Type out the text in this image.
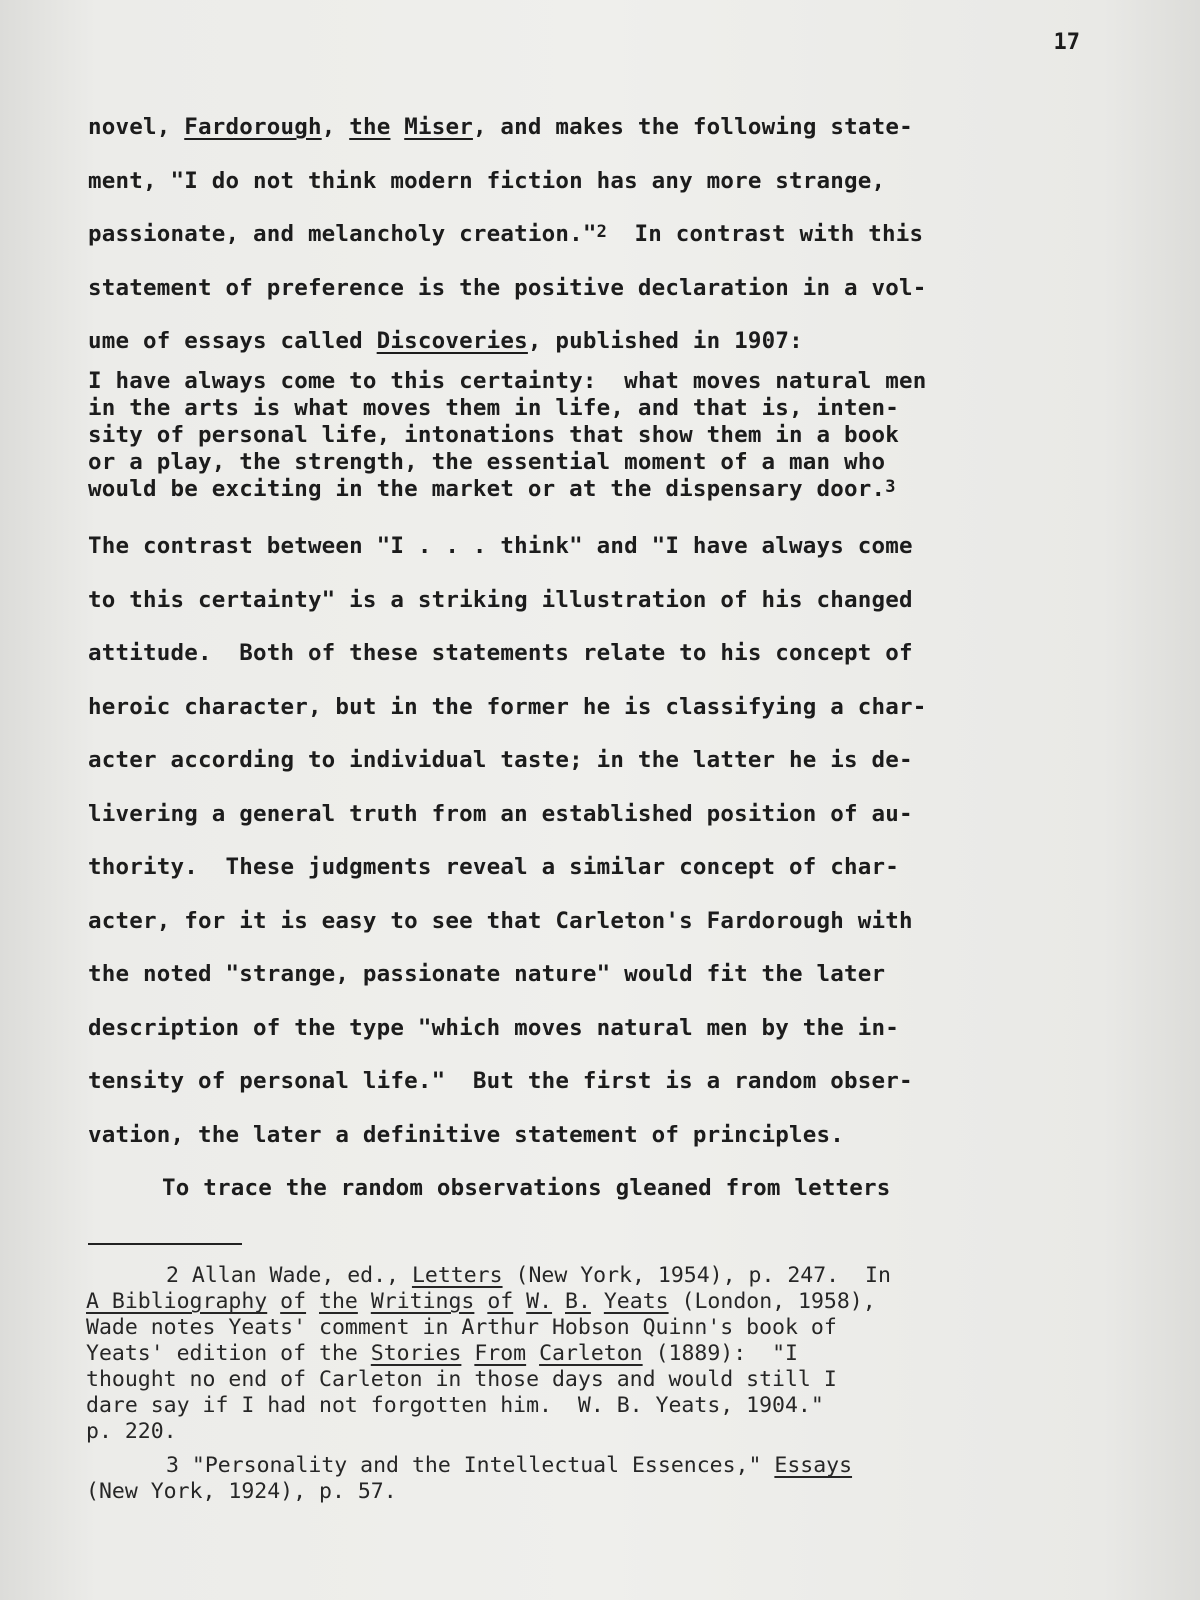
17
novel, Fardorough, the Miser, and makes the following state-
ment, "I do not think modern fiction has any more strange,
passionate, and melancholy creation."$^2$  In contrast with this
statement of preference is the positive declaration in a vol-
ume of essays called Discoveries, published in 1907:
I have always come to this certainty:  what moves natural men
in the arts is what moves them in life, and that is, inten-
sity of personal life, intonations that show them in a book
or a play, the strength, the essential moment of a man who
would be exciting in the market or at the dispensary door.$^3$
The contrast between "I . . . think" and "I have always come
to this certainty" is a striking illustration of his changed
attitude.  Both of these statements relate to his concept of
heroic character, but in the former he is classifying a char-
acter according to individual taste; in the latter he is de-
livering a general truth from an established position of au-
thority.  These judgments reveal a similar concept of char-
acter, for it is easy to see that Carleton's Fardorough with
the noted "strange, passionate nature" would fit the later
description of the type "which moves natural men by the in-
tensity of personal life."  But the first is a random obser-
vation, the later a definitive statement of principles.
To trace the random observations gleaned from letters
2 Allan Wade, ed., Letters (New York, 1954), p. 247.  In
A Bibliography of the Writings of W. B. Yeats (London, 1958),
Wade notes Yeats' comment in Arthur Hobson Quinn's book of
Yeats' edition of the Stories From Carleton (1889):  "I
thought no end of Carleton in those days and would still I
dare say if I had not forgotten him.  W. B. Yeats, 1904."
p. 220.
3 "Personality and the Intellectual Essences," Essays
(New York, 1924), p. 57.
